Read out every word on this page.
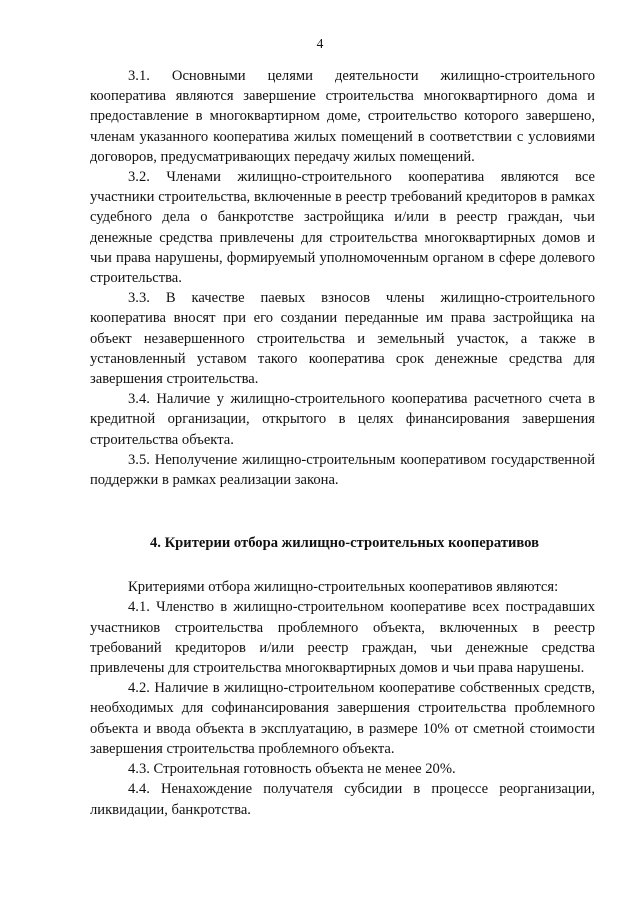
4

3.1. Основными целями деятельности жилищно-строительного кооператива являются завершение строительства многоквартирного дома и предоставление в многоквартирном доме, строительство которого завершено, членам указанного кооператива жилых помещений в соответствии с условиями договоров, предусматривающих передачу жилых помещений.

3.2. Членами жилищно-строительного кооператива являются все участники строительства, включенные в реестр требований кредиторов в рамках судебного дела о банкротстве застройщика и/или в реестр граждан, чьи денежные средства привлечены для строительства многоквартирных домов и чьи права нарушены, формируемый уполномоченным органом в сфере долевого строительства.

3.3. В качестве паевых взносов члены жилищно-строительного кооператива вносят при его создании переданные им права застройщика на объект незавершенного строительства и земельный участок, а также в установленный уставом такого кооператива срок денежные средства для завершения строительства.

3.4. Наличие у жилищно-строительного кооператива расчетного счета в кредитной организации, открытого в целях финансирования завершения строительства объекта.

3.5. Неполучение жилищно-строительным кооперативом государственной поддержки в рамках реализации закона.

4. Критерии отбора жилищно-строительных кооперативов

Критериями отбора жилищно-строительных кооперативов являются:

4.1. Членство в жилищно-строительном кооперативе всех пострадавших участников строительства проблемного объекта, включенных в реестр требований кредиторов и/или реестр граждан, чьи денежные средства привлечены для строительства многоквартирных домов и чьи права нарушены.

4.2. Наличие в жилищно-строительном кооперативе собственных средств, необходимых для софинансирования завершения строительства проблемного объекта и ввода объекта в эксплуатацию, в размере 10% от сметной стоимости завершения строительства проблемного объекта.

4.3. Строительная готовность объекта не менее 20%.

4.4. Ненахождение получателя субсидии в процессе реорганизации, ликвидации, банкротства.
